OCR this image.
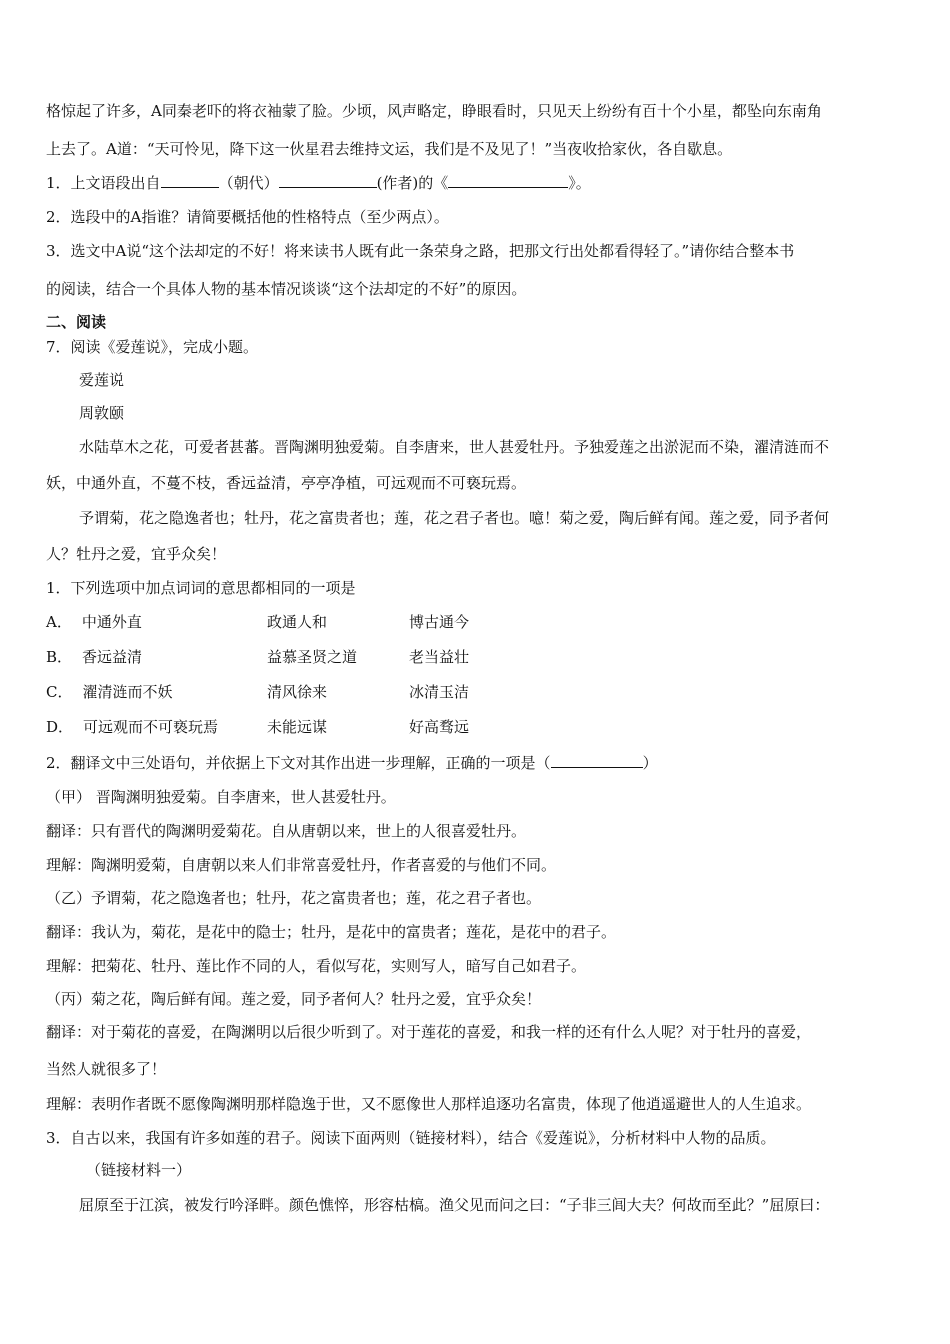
格惊起了许多，A同秦老吓的将衣袖蒙了脸。少顷，风声略定，睁眼看时，只见天上纷纷有百十个小星，都坠向东南角
上去了。A道：“天可怜见，降下这一伙星君去维持文运，我们是不及见了！”当夜收拾家伙，各自歇息。
1．上文语段出自	（朝代）	(作者)的《	》。
2．选段中的A指谁？请简要概括他的性格特点（至少两点）。
3．选文中A说“这个法却定的不好！将来读书人既有此一条荣身之路，把那文行出处都看得轻了。”请你结合整本书
的阅读，结合一个具体人物的基本情况谈谈“这个法却定的不好”的原因。
二、阅读
7．阅读《爱莲说》，完成小题。
爱莲说
周敦颐
水陆草木之花，可爱者甚蕃。晋陶渊明独爱菊。自李唐来，世人甚爱牡丹。予独爱莲之出淤泥而不染，濯清涟而不
妖，中通外直，不蔓不枝，香远益清，亭亭净植，可远观而不可亵玩焉。
予谓菊，花之隐逸者也；牡丹，花之富贵者也；莲，花之君子者也。噫！菊之爱，陶后鲜有闻。莲之爱，同予者何
人？牡丹之爱，宜乎众矣！
1．下列选项中加点词词的意思都相同的一项是
A． 中通外直	政通人和	博古通今
B． 香远益清	益慕圣贤之道	老当益壮
C． 濯清涟而不妖	清风徐来	冰清玉洁
D． 可远观而不可亵玩焉	未能远谋	好高骛远
2．翻译文中三处语句，并依据上下文对其作出进一步理解，正确的一项是（	）
（甲） 晋陶渊明独爱菊。自李唐来，世人甚爱牡丹。
翻译：只有晋代的陶渊明爱菊花。自从唐朝以来，世上的人很喜爱牡丹。
理解：陶渊明爱菊，自唐朝以来人们非常喜爱牡丹，作者喜爱的与他们不同。
（乙）予谓菊，花之隐逸者也；牡丹，花之富贵者也；莲，花之君子者也。
翻译：我认为，菊花，是花中的隐士；牡丹，是花中的富贵者；莲花，是花中的君子。
理解：把菊花、牡丹、莲比作不同的人，看似写花，实则写人，暗写自己如君子。
（丙）菊之花，陶后鲜有闻。莲之爱，同予者何人？牡丹之爱，宜乎众矣！
翻译：对于菊花的喜爱，在陶渊明以后很少听到了。对于莲花的喜爱，和我一样的还有什么人呢？对于牡丹的喜爱，
当然人就很多了！
理解：表明作者既不愿像陶渊明那样隐逸于世，又不愿像世人那样追逐功名富贵，体现了他逍遥避世人的人生追求。
3．自古以来，我国有许多如莲的君子。阅读下面两则（链接材料），结合《爱莲说》，分析材料中人物的品质。
（链接材料一）
屈原至于江滨，被发行吟泽畔。颜色憔悴，形容枯槁。渔父见而问之曰：“子非三闾大夫？何故而至此？”屈原曰：
